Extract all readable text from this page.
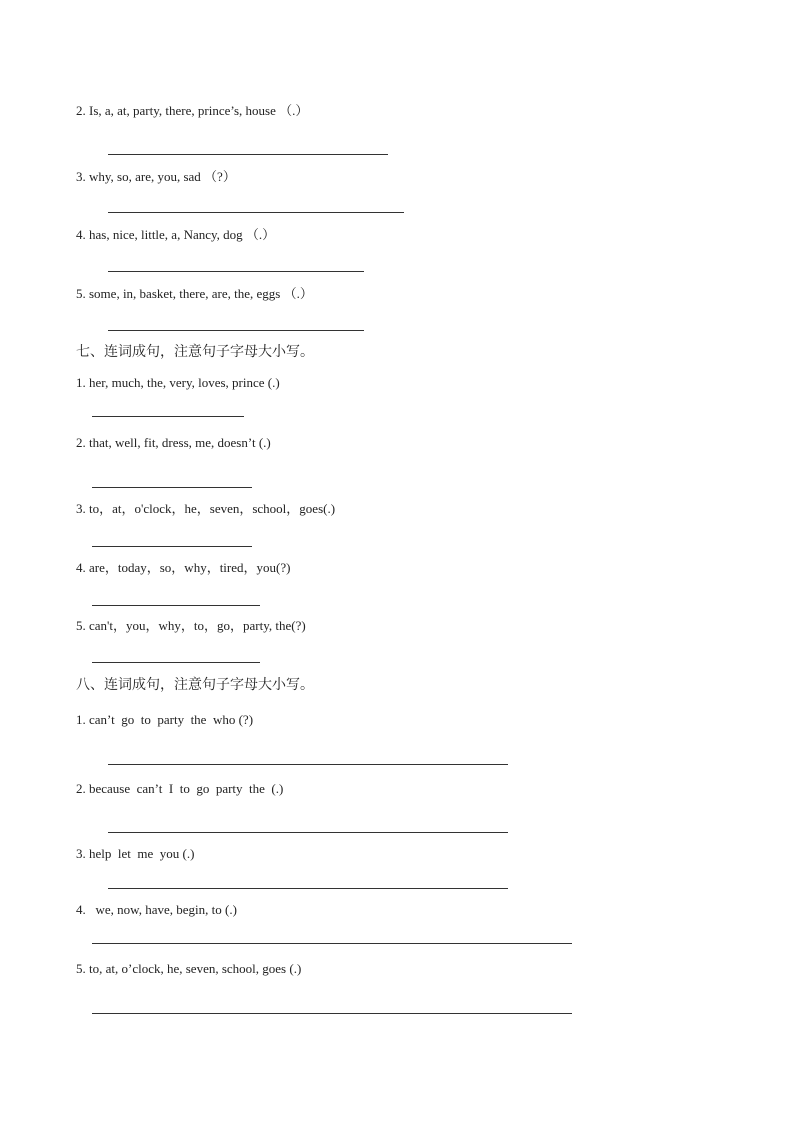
2. Is, a, at, party, there, prince’s, house （.）
3. why, so, are, you, sad （?）
4. has, nice, little, a, Nancy, dog （.）
5. some, in, basket, there, are, the, eggs （.）
七、连词成句，注意句子字母大小写。
1. her, much, the, very, loves, prince (.)
2. that, well, fit, dress, me, doesn’t (.)
3. to，at，o'clock，he，seven，school，goes(.)
4. are，today，so，why，tired，you(?)
5. can't，you，why，to，go，party, the(?)
八、连词成句，注意句子字母大小写。
1. can’t  go  to  party  the  who (?)
2. because  can’t  I  to  go  party  the  (.)
3. help  let  me  you (.)
4.   we, now, have, begin, to (.)
5. to, at, o’clock, he, seven, school, goes (.)
